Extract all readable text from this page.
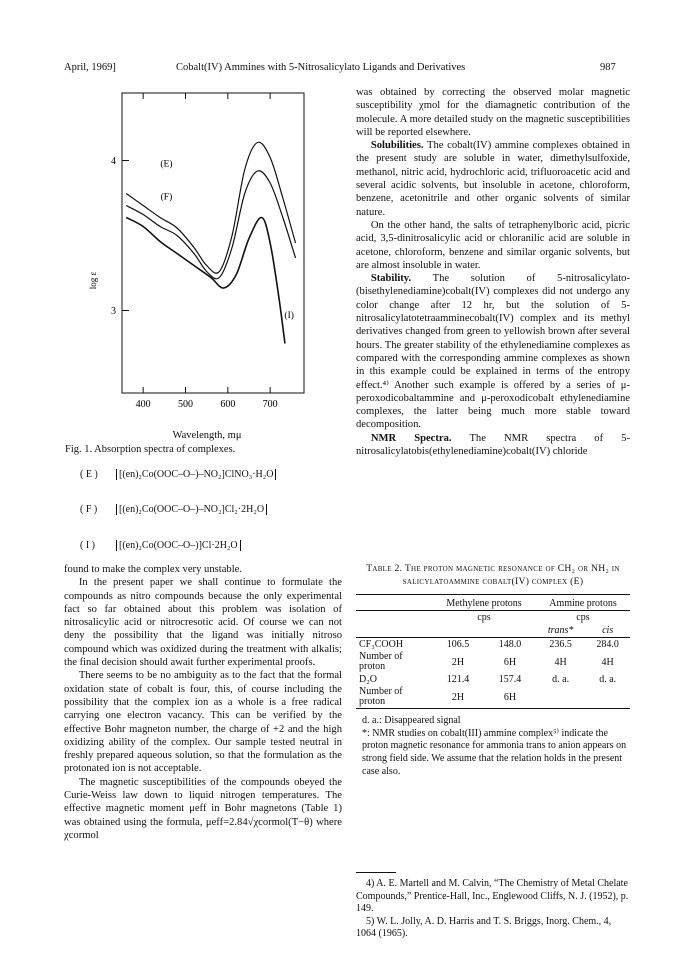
April, 1969]	Cobalt(IV) Ammines with 5-Nitrosalicylato Ligands and Derivatives	987
400	500	600	700
3
4
log ε
(E)
(F)
(I)
Wavelength, mμ
Fig. 1. Absorption spectra of complexes.
( E )	[(en)₂Co(OOC–O–)–NO₂]ClNO₃·H₂O
( F )	[(en)₂Co(OOC–O–)–NO₂]Cl₂·2H₂O
( I )	[(en)₂Co(OOC–O–)]Cl·2H₂O

was obtained by correcting the observed molar magnetic susceptibility χmol for the diamagnetic contribution of the molecule. A more detailed study on the magnetic susceptibilities will be reported elsewhere.

Solubilities. The cobalt(IV) ammine complexes obtained in the present study are soluble in water, dimethylsulfoxide, methanol, nitric acid, hydrochloric acid, trifluoroacetic acid and several acidic solvents, but insoluble in acetone, chloroform, benzene, acetonitrile and other organic solvents of similar nature.

On the other hand, the salts of tetraphenylboric acid, picric acid, 3,5-dinitrosalicylic acid or chloranilic acid are soluble in acetone, chloroform, benzene and similar organic solvents, but are almost insoluble in water.

Stability. The solution of 5-nitrosalicylato-(bisethylenediamine)cobalt(IV) complexes did not undergo any color change after 12 hr, but the solution of 5-nitrosalicylatotetraamminecobalt(IV) complex and its methyl derivatives changed from green to yellowish brown after several hours. The greater stability of the ethylenediamine complexes as compared with the corresponding ammine complexes as shown in this example could be explained in terms of the entropy effect.⁴⁾ Another such example is offered by a series of μ-peroxodicobaltammine and μ-peroxodicobalt ethylenediamine complexes, the latter being much more stable toward decomposition.

NMR Spectra. The NMR spectra of 5-nitrosalicylatobis(ethylenediamine)cobalt(IV) chloride

found to make the complex very unstable.

In the present paper we shall continue to formulate the compounds as nitro compounds because the only experimental fact so far obtained about this problem was isolation of nitrosalicylic acid or nitrocresotic acid. Of course we can not deny the possibility that the ligand was initially nitroso compound which was oxidized during the treatment with alkalis; the final decision should await further experimental proofs.

There seems to be no ambiguity as to the fact that the formal oxidation state of cobalt is four, this, of course including the possibility that the complex ion as a whole is a free radical carrying one electron vacancy. This can be verified by the effective Bohr magneton number, the charge of +2 and the high oxidizing ability of the complex. Our sample tested neutral in freshly prepared aqueous solution, so that the formulation as the protonated ion is not acceptable.

The magnetic susceptibilities of the compounds obeyed the Curie-Weiss law down to liquid nitrogen temperatures. The effective magnetic moment μeff in Bohr magnetons (Table 1) was obtained using the formula, μeff=2.84√χcormol(T−θ) where χcormol

Table 2. The proton magnetic resonance of CH₂ or NH₂ in salicylatoammine cobalt(IV) complex (E)
	Methylene protons		Ammine protons	
	cps		cps	
			trans*	cis
CF₃COOH	106.5	148.0	236.5	284.0
Number of proton	2H	6H	4H	4H
D₂O	121.4	157.4	d. a.	d. a.
Number of proton	2H	6H		
d. a.: Disappeared signal
*: NMR studies on cobalt(III) ammine complex⁵⁾ indicate the proton magnetic resonance for ammonia trans to anion appears on strong field side. We assume that the relation holds in the present case also.
4) A. E. Martell and M. Calvin, “The Chemistry of Metal Chelate Compounds,” Prentice-Hall, Inc., Englewood Cliffs, N. J. (1952), p. 149.
5) W. L. Jolly, A. D. Harris and T. S. Briggs, Inorg. Chem., 4, 1064 (1965).
